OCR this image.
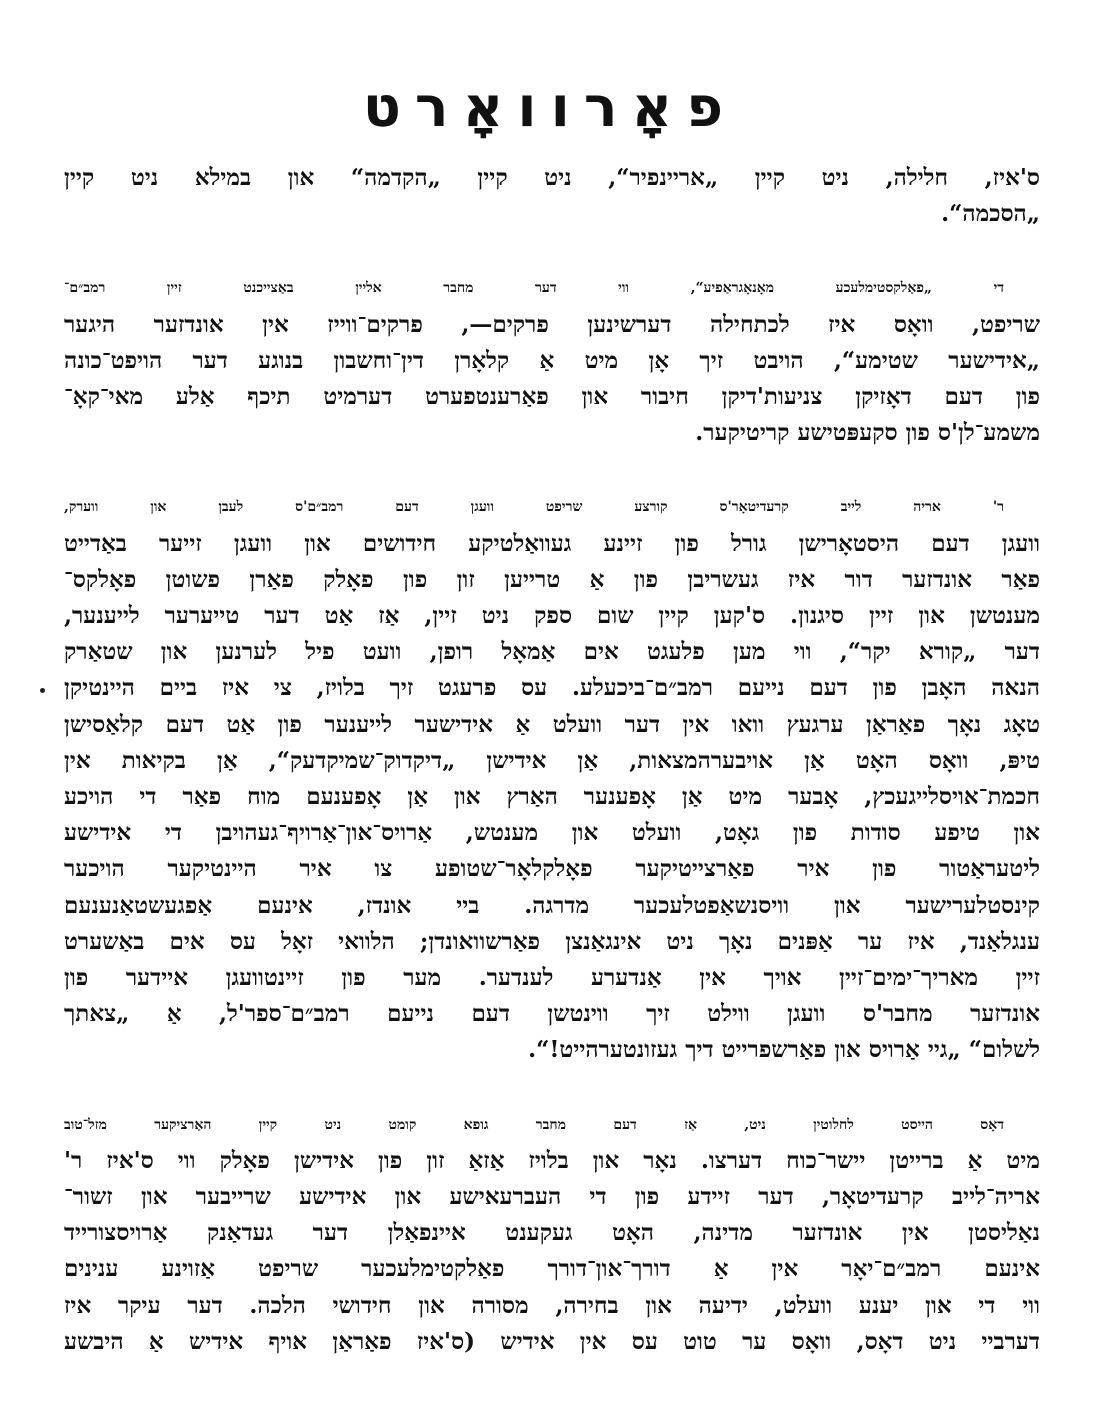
פאָרוואָרט

ס'איז, חלילה, ניט קיין „אריינפיר“, ניט קיין „הקדמה“ און במילא ניט קיין
„הסכמה“.

די „פאַלקסטימלעכע מאָנאָגראַפיע“, ווי דער מחבר אליין באַצייכנט זיין רמב״ם־
שריפט, וואָס איז לכתחילה דערשינען פרקים—, פרקים־ווייז אין אונדזער היגער
„אידישער שטימע“, הויבט זיך אָן מיט אַ קלאָרן דין־וחשבון בנוגע דער הויפט־כונה
פון דעם דאָזיקן צניעות'דיקן חיבור און פאַרענטפערט דערמיט תיכף אַלע מאי־קאָ־
משמע־לן'ס פון סקעפּטישע קריטיקער.

ר' אריה לייב קרעדיטאָר'ס קורצע שריפט וועגן דעם רמב״ם'ס לעבן און ווערק,
וועגן דעם היסטאָרישן גורל פון זיינע געוואַלטיקע חידושים און וועגן זייער באַדייט
פאַר אונדזער דור איז געשריבן פון אַ טרייען זון פון פאָלק פאַרן פשוטן פאָלקס־
מענטשן און זיין סיגנון. ס'קען קיין שום ספק ניט זיין, אַז אַט דער טייערער לייענער,
דער „קורא יקר“, ווי מען פלעגט אים אַמאָל רופן, וועט פיל לערנען און שטאַרק
הנאה האָבן פון דעם נייעם רמב״ם־ביכעלע. עס פרעגט זיך בלויז, צי איז ביים היינטיקן
טאָג נאָך פאַראַן ערגעץ וואו אין דער וועלט אַ אידישער לייענער פון אַט דעם קלאַסישן
טיפּ, וואָס האָט אַן אויבערהמצאות, אַן אידישן „דיקדוק־שמיקדעק“, אַן בקיאות אין
חכמת־אויסלייגעכץ, אָבער מיט אַן אָפענער האַרץ און אַן אָפענעם מוח פאַר די הויכע
און טיפע סודות פון גאָט, וועלט און מענטש, אַרויס־און־אַרויף־געהויבן די אידישע
ליטעראַטור פון איר פאַרצייטיקער פאָלקלאָר־שטופע צו איר היינטיקער הויכער
קינסטלערישער און וויסנשאַפטלעכער מדרגה. ביי אונדז, אינעם אַפגעשטאַנענעם
ענגלאַנד, איז ער אַפּנים נאָך ניט אינגאַנצן פאַרשוואונדן; הלוואי זאָל עס אים באַשערט
זיין מאריך־ימים־זיין אויך אין אַנדערע לענדער. מער פון זיינטוועגן איידער פון
אונדזער מחבר'ס וועגן ווילט זיך ווינטשן דעם נייעם רמב״ם־ספר'ל, אַ „צאתך
לשלום“ „גיי אַרויס און פאַרשפרייט דיך געזונטערהייט!“.

דאָס הייסט לחלוטין ניט, אַז דעם מחבר גופא קומט ניט קיין האַרציקער מזל־טוב
מיט אַ ברייטן יישר־כוח דערצו. נאָר און בלויז אַזאַ זון פון אידישן פאָלק ווי ס'איז ר'
אריה־לייב קרעדיטאָר, דער זיידע פון די העברעאישע און אידישע שרייבער און זשור־
נאַליסטן אין אונדזער מדינה, האָט געקענט איינפאַלן דער געדאַנק אַרויסצורייד
אינעם רמב״ם־יאָר אין אַ דורך־און־דורך פאַלקטימלעכער שריפט אַזוינע ענינים
ווי די און יענע וועלט, ידיעה און בחירה, מסורה און חידושי הלכה. דער עיקר איז
דערביי ניט דאָס, וואָס ער טוט עס אין אידיש (ס'איז פאַראַן אויף אידיש אַ היבשע
